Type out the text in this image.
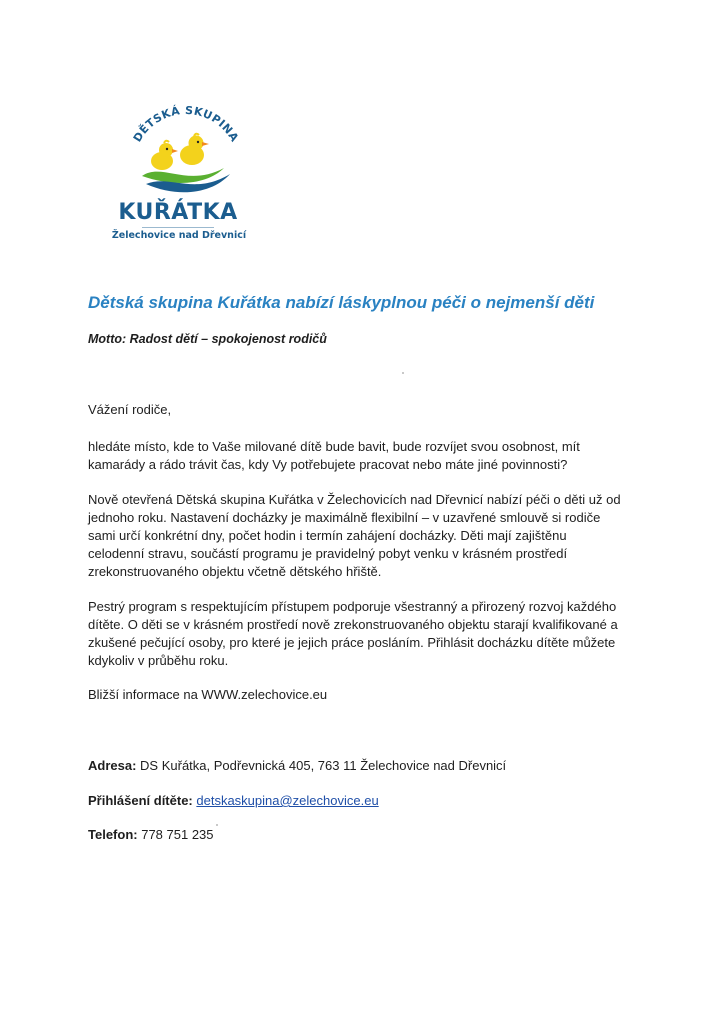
DĚTSKÁ SKUPINA
KUŘÁTKA
Želechovice nad Dřevnicí
Dětská skupina Kuřátka nabízí láskyplnou péči o nejmenší děti
Motto: Radost dětí – spokojenost rodičů

Vážení rodiče,

hledáte místo, kde to Vaše milované dítě bude bavit, bude rozvíjet svou osobnost, mít
kamarády a rádo trávit čas, kdy Vy potřebujete pracovat nebo máte jiné povinnosti?

Nově otevřená Dětská skupina Kuřátka v Želechovicích nad Dřevnicí nabízí péči o děti už od
jednoho roku. Nastavení docházky je maximálně flexibilní – v uzavřené smlouvě si rodiče
sami určí konkrétní dny, počet hodin i termín zahájení docházky. Děti mají zajištěnu
celodenní stravu, součástí programu je pravidelný pobyt venku v krásném prostředí
zrekonstruovaného objektu včetně dětského hřiště.

Pestrý program s respektujícím přístupem podporuje všestranný a přirozený rozvoj každého
dítěte. O děti se v krásném prostředí nově zrekonstruovaného objektu starají kvalifikované a
zkušené pečující osoby, pro které je jejich práce posláním. Přihlásit docházku dítěte můžete
kdykoliv v průběhu roku.

Bližší informace na WWW.zelechovice.eu

Adresa: DS Kuřátka, Podřevnická 405, 763 11 Želechovice nad Dřevnicí
Přihlášení dítěte: detskaskupina@zelechovice.eu
Telefon: 778 751 235
